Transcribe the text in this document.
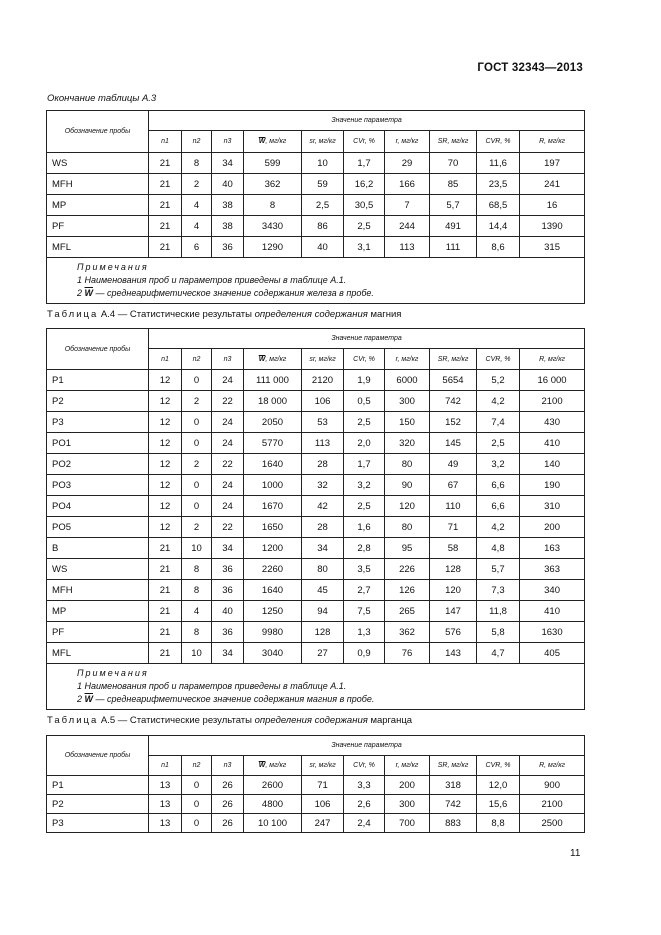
ГОСТ 32343—2013
Окончание таблицы А.3
Обозначение пробы	Значение параметра									
	n1	n2	n3	$\overline{W}$, мг/кг	sr, мг/кг	CVr, %	r, мг/кг	SR, мг/кг	CVR, %	R, мг/кг
WS	21	8	34	599	10	1,7	29	70	11,6	197
MFH	21	2	40	362	59	16,2	166	85	23,5	241
MP	21	4	38	8	2,5	30,5	7	5,7	68,5	16
PF	21	4	38	3430	86	2,5	244	491	14,4	1390
MFL	21	6	36	1290	40	3,1	113	111	8,6	315
Примечания
1 Наименования проб и параметров приведены в таблице А.1.
2 $\overline{W}$ — среднеарифметическое значение содержания железа в пробе.										
Таблица А.4 — Статистические результаты определения содержания магния
Обозначение пробы	Значение параметра									
	n1	n2	n3	$\overline{W}$, мг/кг	sr, мг/кг	CVr, %	r, мг/кг	SR, мг/кг	CVR, %	R, мг/кг
P1	12	0	24	111 000	2120	1,9	6000	5654	5,2	16 000
P2	12	2	22	18 000	106	0,5	300	742	4,2	2100
P3	12	0	24	2050	53	2,5	150	152	7,4	430
PO1	12	0	24	5770	113	2,0	320	145	2,5	410
PO2	12	2	22	1640	28	1,7	80	49	3,2	140
PO3	12	0	24	1000	32	3,2	90	67	6,6	190
PO4	12	0	24	1670	42	2,5	120	110	6,6	310
PO5	12	2	22	1650	28	1,6	80	71	4,2	200
B	21	10	34	1200	34	2,8	95	58	4,8	163
WS	21	8	36	2260	80	3,5	226	128	5,7	363
MFH	21	8	36	1640	45	2,7	126	120	7,3	340
MP	21	4	40	1250	94	7,5	265	147	11,8	410
PF	21	8	36	9980	128	1,3	362	576	5,8	1630
MFL	21	10	34	3040	27	0,9	76	143	4,7	405
Примечания
1 Наименования проб и параметров приведены в таблице А.1.
2 $\overline{W}$ — среднеарифметическое значение содержания магния в пробе.										
Таблица А.5 — Статистические результаты определения содержания марганца
Обозначение пробы	Значение параметра									
	n1	n2	n3	$\overline{W}$, мг/кг	sr, мг/кг	CVr, %	r, мг/кг	SR, мг/кг	CVR, %	R, мг/кг
P1	13	0	26	2600	71	3,3	200	318	12,0	900
P2	13	0	26	4800	106	2,6	300	742	15,6	2100
P3	13	0	26	10 100	247	2,4	700	883	8,8	2500
11
